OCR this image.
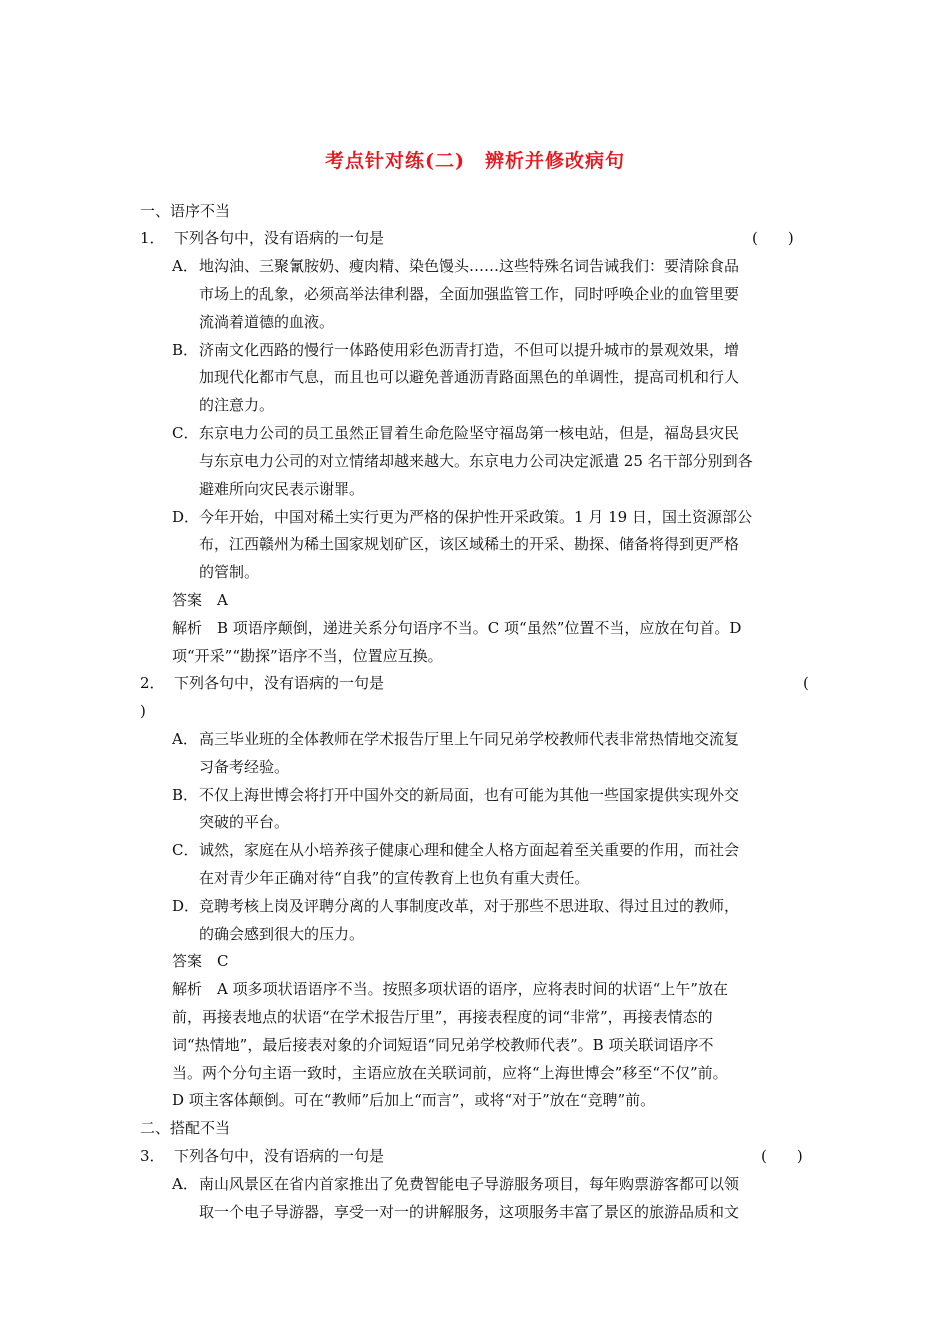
考点针对练(二)　辨析并修改病句
一、语序不当
1． 下列各句中，没有语病的一句是	(　　)
A．地沟油、三聚氰胺奶、瘦肉精、染色馒头……这些特殊名词告诫我们：要清除食品
市场上的乱象，必须高举法律利器，全面加强监管工作，同时呼唤企业的血管里要
流淌着道德的血液。
B．济南文化西路的慢行一体路使用彩色沥青打造，不但可以提升城市的景观效果，增
加现代化都市气息，而且也可以避免普通沥青路面黑色的单调性，提高司机和行人
的注意力。
C．东京电力公司的员工虽然正冒着生命危险坚守福岛第一核电站，但是，福岛县灾民
与东京电力公司的对立情绪却越来越大。东京电力公司决定派遣 25 名干部分别到各
避难所向灾民表示谢罪。
D．今年开始，中国对稀土实行更为严格的保护性开采政策。1 月 19 日，国土资源部公
布，江西赣州为稀土国家规划矿区，该区域稀土的开采、勘探、储备将得到更严格
的管制。
答案　A
解析　B 项语序颠倒，递进关系分句语序不当。C 项“虽然”位置不当，应放在句首。D
项“开采”“勘探”语序不当，位置应互换。
2． 下列各句中，没有语病的一句是	(
)
A．高三毕业班的全体教师在学术报告厅里上午同兄弟学校教师代表非常热情地交流复
习备考经验。
B．不仅上海世博会将打开中国外交的新局面，也有可能为其他一些国家提供实现外交
突破的平台。
C．诚然，家庭在从小培养孩子健康心理和健全人格方面起着至关重要的作用，而社会
在对青少年正确对待“自我”的宣传教育上也负有重大责任。
D．竞聘考核上岗及评聘分离的人事制度改革，对于那些不思进取、得过且过的教师，
的确会感到很大的压力。
答案　C
解析　A 项多项状语语序不当。按照多项状语的语序，应将表时间的状语“上午”放在
前，再接表地点的状语“在学术报告厅里”，再接表程度的词“非常”，再接表情态的
词“热情地”，最后接表对象的介词短语“同兄弟学校教师代表”。B 项关联词语序不
当。两个分句主语一致时，主语应放在关联词前，应将“上海世博会”移至“不仅”前。
D 项主客体颠倒。可在“教师”后加上“而言”，或将“对于”放在“竞聘”前。
二、搭配不当
3． 下列各句中，没有语病的一句是	(　　)
A．南山风景区在省内首家推出了免费智能电子导游服务项目，每年购票游客都可以领
取一个电子导游器，享受一对一的讲解服务，这项服务丰富了景区的旅游品质和文
